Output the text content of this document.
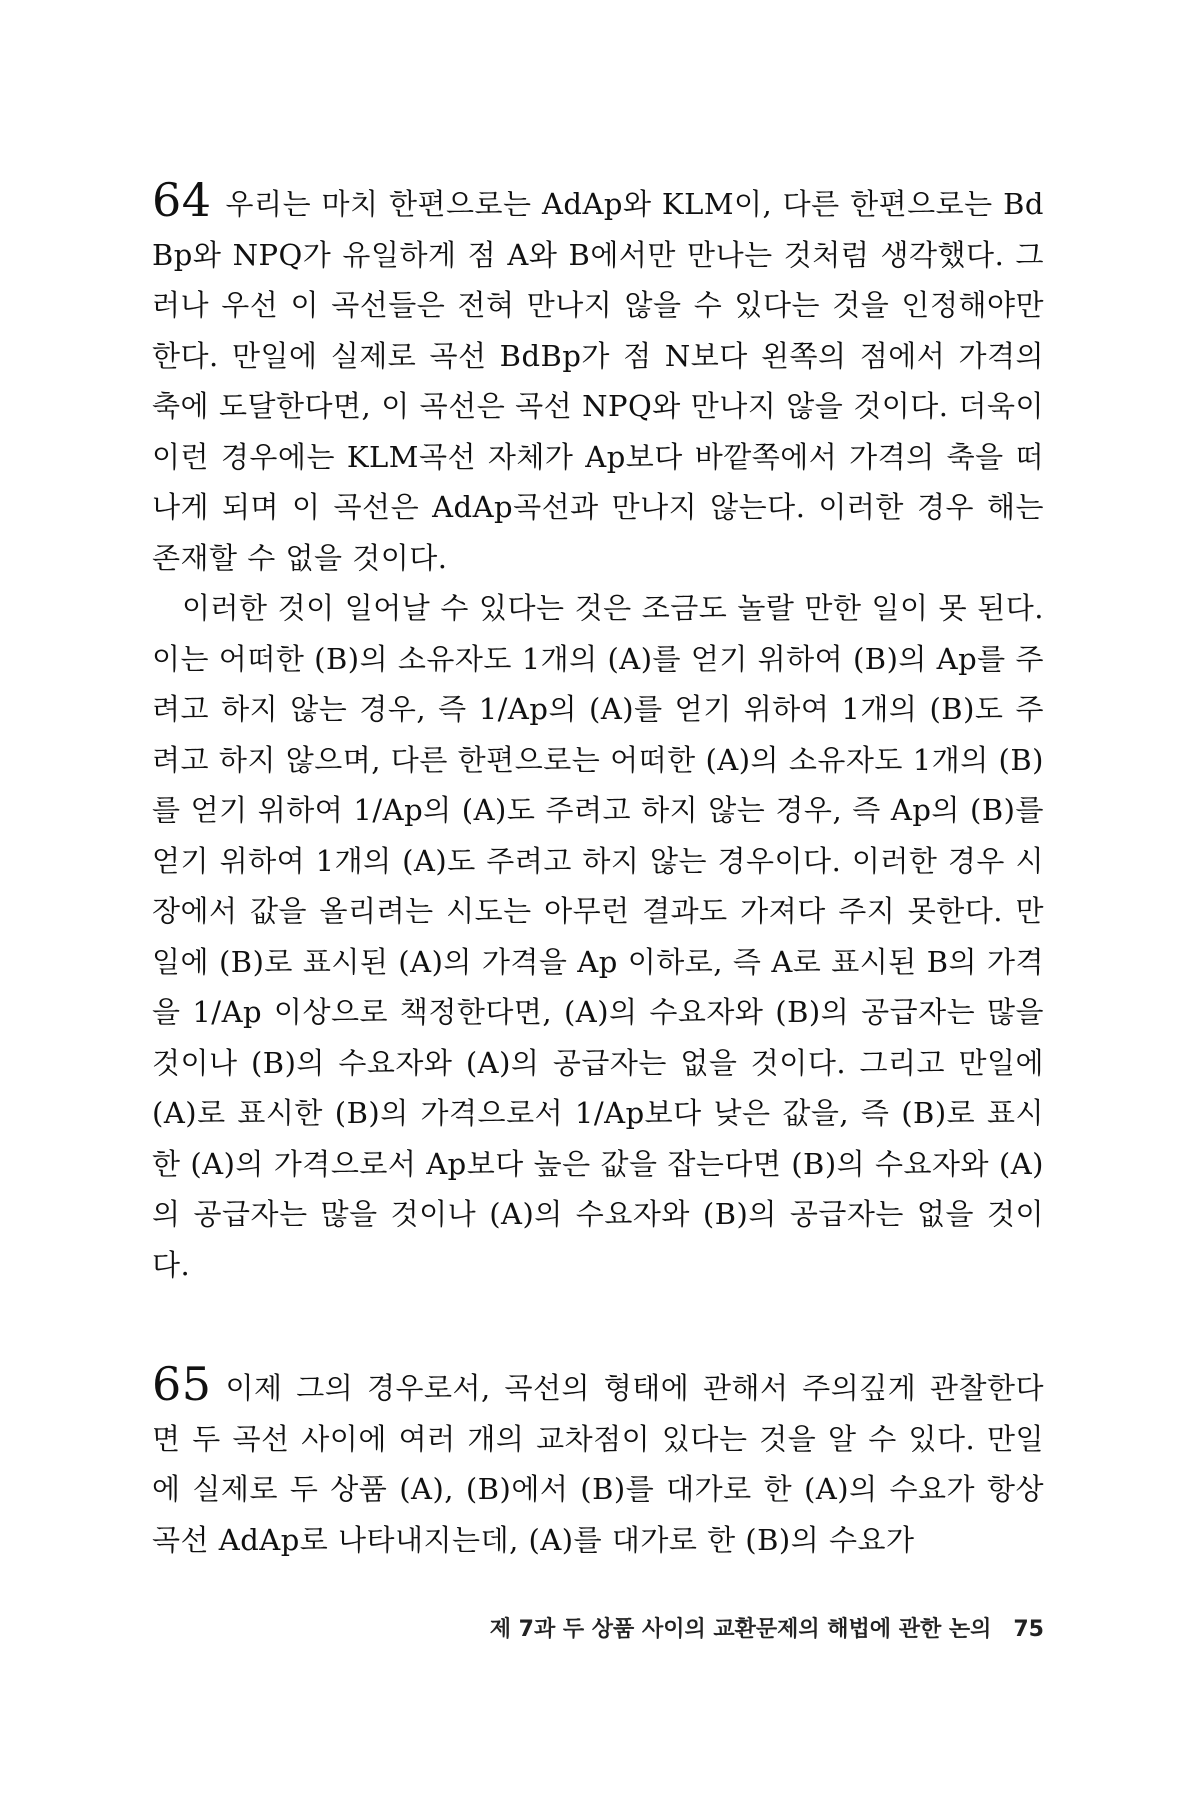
64 우리는 마치 한편으로는 AdAp와 KLM이, 다른 한편으로는 Bd Bp와 NPQ가 유일하게 점 A와 B에서만 만나는 것처럼 생각했다. 그러나 우선 이 곡선들은 전혀 만나지 않을 수 있다는 것을 인정해야만 한다. 만일에 실제로 곡선 BdBp가 점 N보다 왼쪽의 점에서 가격의 축에 도달한다면, 이 곡선은 곡선 NPQ와 만나지 않을 것이다. 더욱이 이런 경우에는 KLM곡선 자체가 Ap보다 바깥쪽에서 가격의 축을 떠나게 되며 이 곡선은 AdAp곡선과 만나지 않는다. 이러한 경우 해는 존재할 수 없을 것이다.

이러한 것이 일어날 수 있다는 것은 조금도 놀랄 만한 일이 못 된다. 이는 어떠한 (B)의 소유자도 1개의 (A)를 얻기 위하여 (B)의 Ap를 주려고 하지 않는 경우, 즉 1/Ap의 (A)를 얻기 위하여 1개의 (B)도 주려고 하지 않으며, 다른 한편으로는 어떠한 (A)의 소유자도 1개의 (B)를 얻기 위하여 1/Ap의 (A)도 주려고 하지 않는 경우, 즉 Ap의 (B)를 얻기 위하여 1개의 (A)도 주려고 하지 않는 경우이다. 이러한 경우 시장에서 값을 올리려는 시도는 아무런 결과도 가져다 주지 못한다. 만일에 (B)로 표시된 (A)의 가격을 Ap 이하로, 즉 A로 표시된 B의 가격을 1/Ap 이상으로 책정한다면, (A)의 수요자와 (B)의 공급자는 많을 것이나 (B)의 수요자와 (A)의 공급자는 없을 것이다. 그리고 만일에 (A)로 표시한 (B)의 가격으로서 1/Ap보다 낮은 값을, 즉 (B)로 표시한 (A)의 가격으로서 Ap보다 높은 값을 잡는다면 (B)의 수요자와 (A)의 공급자는 많을 것이나 (A)의 수요자와 (B)의 공급자는 없을 것이다.

65 이제 그의 경우로서, 곡선의 형태에 관해서 주의깊게 관찰한다면 두 곡선 사이에 여러 개의 교차점이 있다는 것을 알 수 있다. 만일에 실제로 두 상품 (A), (B)에서 (B)를 대가로 한 (A)의 수요가 항상 곡선 AdAp로 나타내지는데, (A)를 대가로 한 (B)의 수요가

제 7과 두 상품 사이의 교환문제의 해법에 관한 논의 75
